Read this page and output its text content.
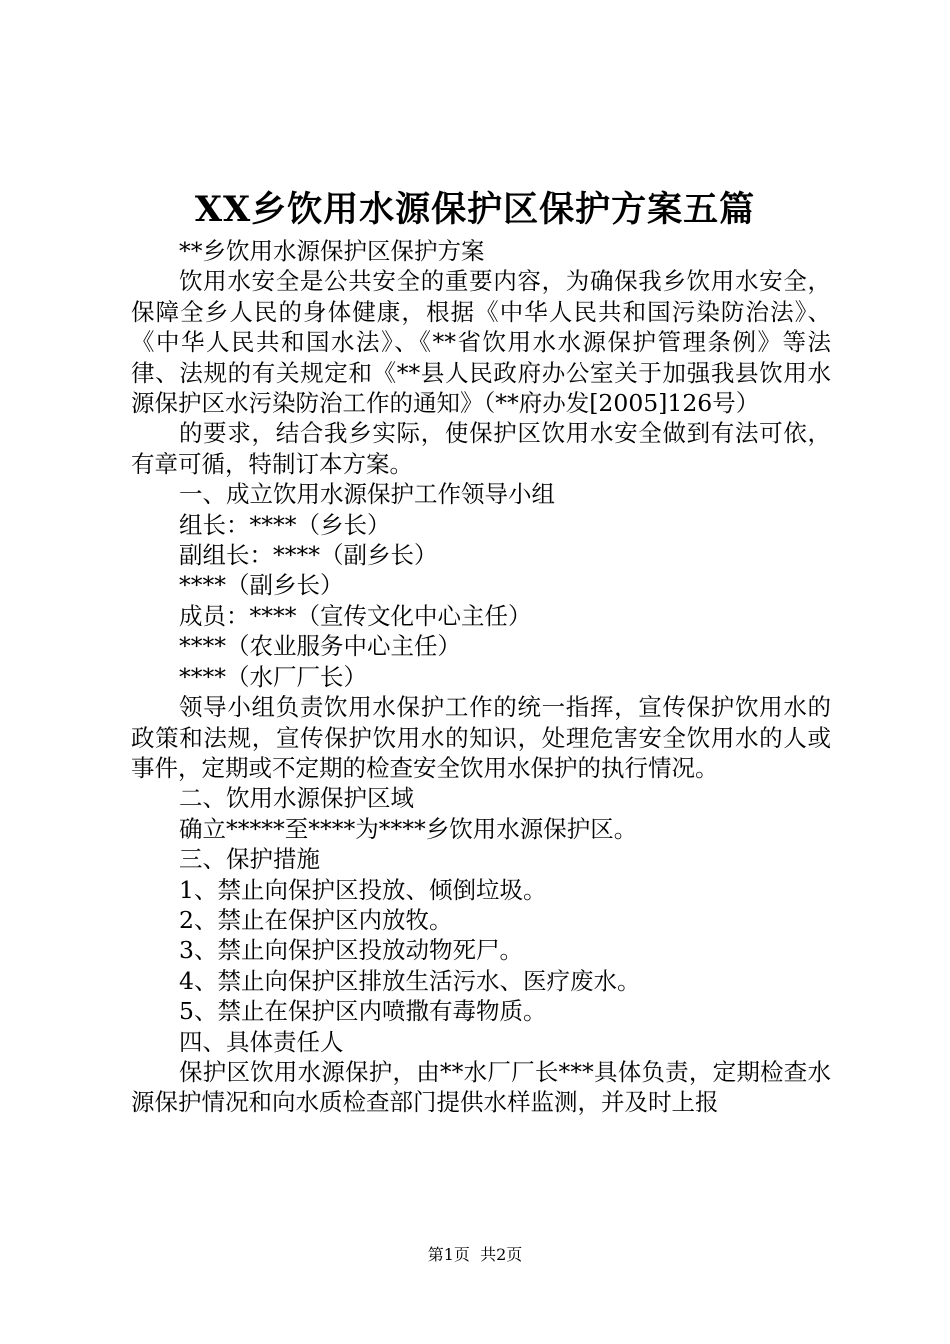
XX乡饮用水源保护区保护方案五篇

**乡饮用水源保护区保护方案

饮用水安全是公共安全的重要内容，为确保我乡饮用水安全，保障全乡人民的身体健康，根据《中华人民共和国污染防治法》、《中华人民共和国水法》、《**省饮用水水源保护管理条例》等法律、法规的有关规定和《**县人民政府办公室关于加强我县饮用水源保护区水污染防治工作的通知》（**府办发[2005]126号）

的要求，结合我乡实际，使保护区饮用水安全做到有法可依，有章可循，特制订本方案。

一、成立饮用水源保护工作领导小组

组长：****（乡长）

副组长：****（副乡长）

****（副乡长）

成员：****（宣传文化中心主任）

****（农业服务中心主任）

****（水厂厂长）

领导小组负责饮用水保护工作的统一指挥，宣传保护饮用水的政策和法规，宣传保护饮用水的知识，处理危害安全饮用水的人或事件，定期或不定期的检查安全饮用水保护的执行情况。

二、饮用水源保护区域

确立*****至****为****乡饮用水源保护区。

三、保护措施

1、禁止向保护区投放、倾倒垃圾。

2、禁止在保护区内放牧。

3、禁止向保护区投放动物死尸。

4、禁止向保护区排放生活污水、医疗废水。

5、禁止在保护区内喷撒有毒物质。

四、具体责任人

保护区饮用水源保护，由**水厂厂长***具体负责，定期检查水源保护情况和向水质检查部门提供水样监测，并及时上报

第1页 共2页
